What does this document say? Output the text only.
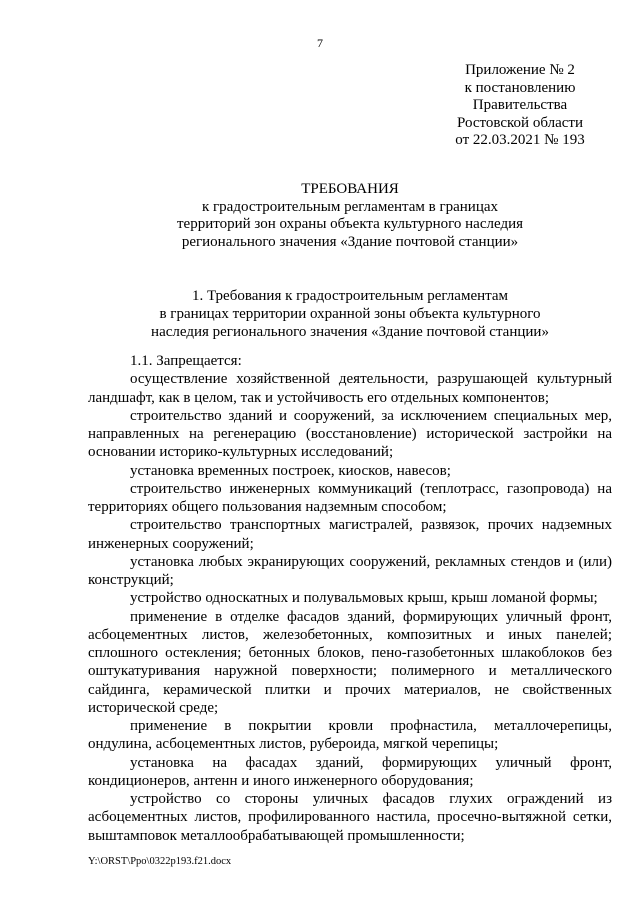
7
Приложение № 2
к постановлению
Правительства
Ростовской области
от 22.03.2021 № 193
ТРЕБОВАНИЯ
к градостроительным регламентам в границах
территорий зон охраны объекта культурного наследия
регионального значения «Здание почтовой станции»
1. Требования к градостроительным регламентам
в границах территории охранной зоны объекта культурного
наследия регионального значения «Здание почтовой станции»

1.1. Запрещается:

осуществление хозяйственной деятельности, разрушающей культурный ландшафт, как в целом, так и устойчивость его отдельных компонентов;

строительство зданий и сооружений, за исключением специальных мер, направленных на регенерацию (восстановление) исторической застройки на основании историко-культурных исследований;

установка временных построек, киосков, навесов;

строительство инженерных коммуникаций (теплотрасс, газопровода) на территориях общего пользования надземным способом;

строительство транспортных магистралей, развязок, прочих надземных инженерных сооружений;

установка любых экранирующих сооружений, рекламных стендов и (или) конструкций;

устройство односкатных и полувальмовых крыш, крыш ломаной формы;

применение в отделке фасадов зданий, формирующих уличный фронт, асбоцементных листов, железобетонных, композитных и иных панелей; сплошного остекления; бетонных блоков, пено-газобетонных шлакоблоков без оштукатуривания наружной поверхности; полимерного и металлического сайдинга, керамической плитки и прочих материалов, не свойственных исторической среде;

применение в покрытии кровли профнастила, металлочерепицы, ондулина, асбоцементных листов, рубероида, мягкой черепицы;

установка на фасадах зданий, формирующих уличный фронт, кондиционеров, антенн и иного инженерного оборудования;

устройство со стороны уличных фасадов глухих ограждений из асбоцементных листов, профилированного настила, просечно-вытяжной сетки, выштамповок металлообрабатывающей промышленности;

Y:\ORST\Ppo\0322p193.f21.docx
